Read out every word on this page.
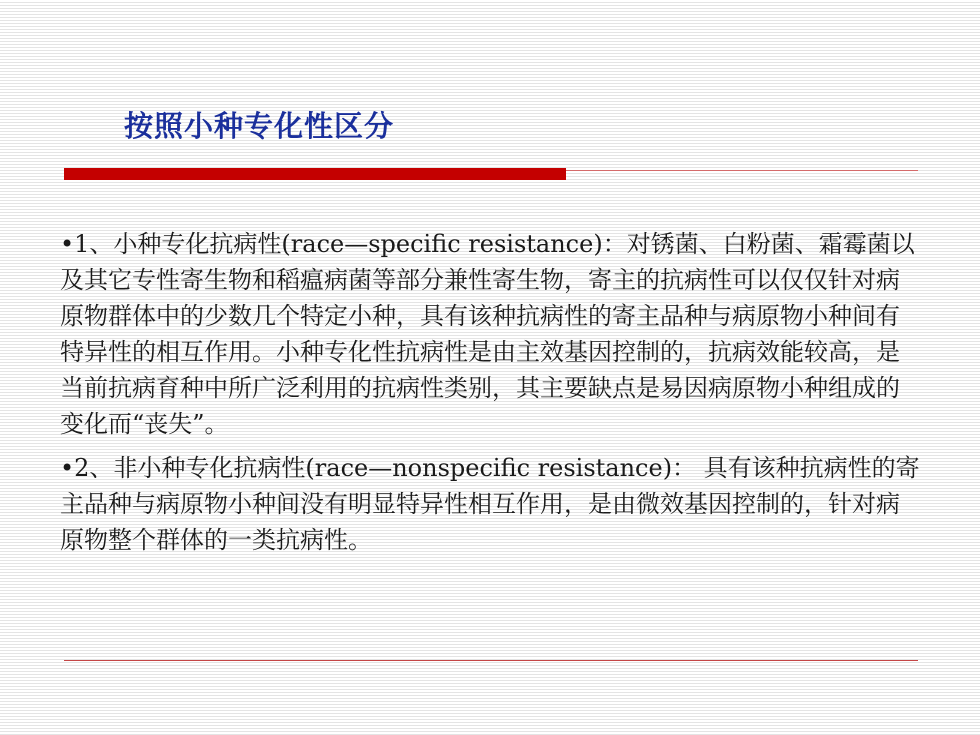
按照小种专化性区分

•1、小种专化抗病性(race—specific resistance)：对锈菌、白粉菌、霜霉菌以及其它专性寄生物和稻瘟病菌等部分兼性寄生物，寄主的抗病性可以仅仅针对病原物群体中的少数几个特定小种，具有该种抗病性的寄主品种与病原物小种间有特异性的相互作用。小种专化性抗病性是由主效基因控制的，抗病效能较高，是当前抗病育种中所广泛利用的抗病性类别，其主要缺点是易因病原物小种组成的变化而“丧失”。

•2、非小种专化抗病性(race—nonspecific resistance)： 具有该种抗病性的寄主品种与病原物小种间没有明显特异性相互作用，是由微效基因控制的，针对病原物整个群体的一类抗病性。
